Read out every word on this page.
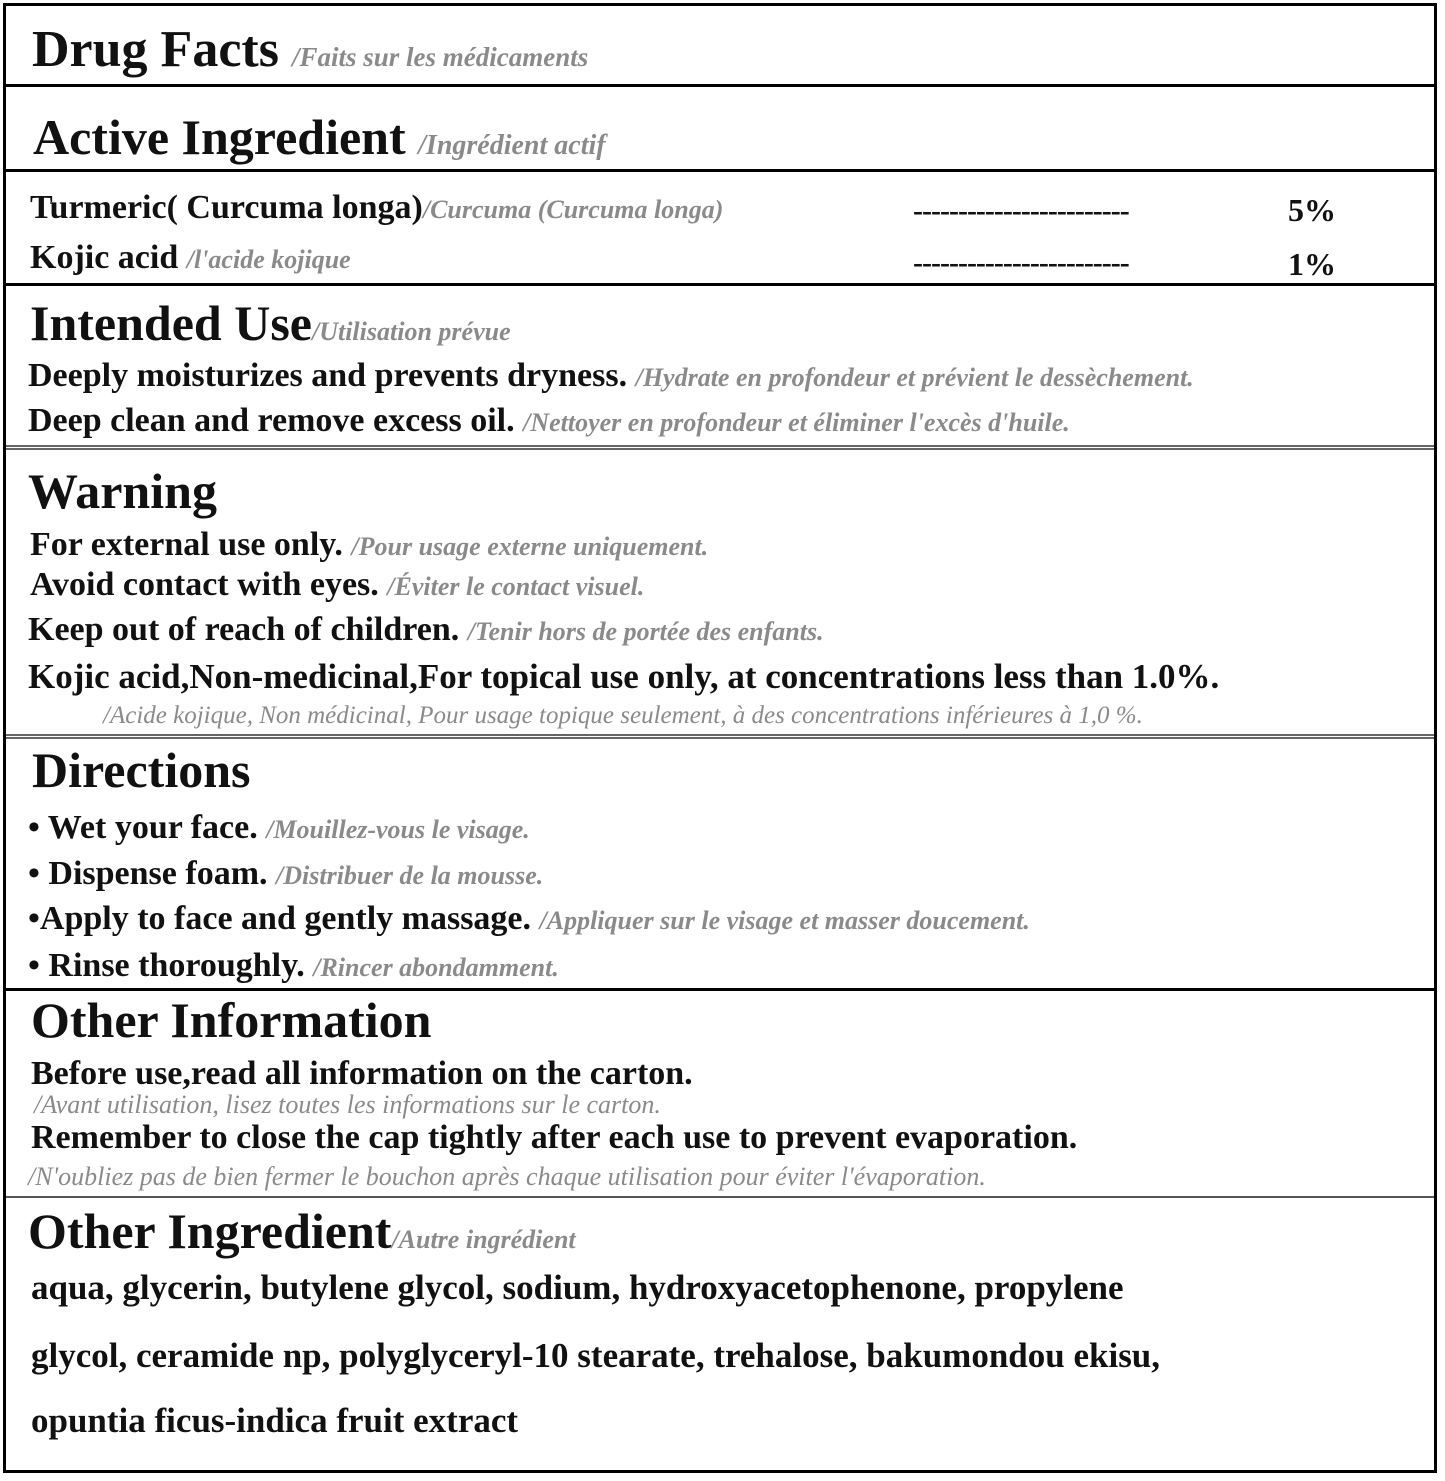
Drug Facts /Faits sur les médicaments
Active Ingredient /Ingrédient actif
Turmeric( Curcuma longa)/Curcuma (Curcuma longa)	------------------------	5%
Kojic acid /l'acide kojique	------------------------	1%
Intended Use/Utilisation prévue
Deeply moisturizes and prevents dryness. /Hydrate en profondeur et prévient le dessèchement.
Deep clean and remove excess oil. /Nettoyer en profondeur et éliminer l'excès d'huile.
Warning
For external use only. /Pour usage externe uniquement.
Avoid contact with eyes. /Éviter le contact visuel.
Keep out of reach of children. /Tenir hors de portée des enfants.
Kojic acid,Non-medicinal,For topical use only, at concentrations less than 1.0%.
/Acide kojique, Non médicinal, Pour usage topique seulement, à des concentrations inférieures à 1,0 %.
Directions
• Wet your face. /Mouillez-vous le visage.
• Dispense foam. /Distribuer de la mousse.
•Apply to face and gently massage. /Appliquer sur le visage et masser doucement.
• Rinse thoroughly. /Rincer abondamment.
Other Information
Before use,read all information on the carton.
/Avant utilisation, lisez toutes les informations sur le carton.
Remember to close the cap tightly after each use to prevent evaporation.
/N'oubliez pas de bien fermer le bouchon après chaque utilisation pour éviter l'évaporation.
Other Ingredient/Autre ingrédient
aqua, glycerin, butylene glycol, sodium, hydroxyacetophenone, propylene
glycol, ceramide np, polyglyceryl-10 stearate, trehalose, bakumondou ekisu,
opuntia ficus-indica fruit extract
